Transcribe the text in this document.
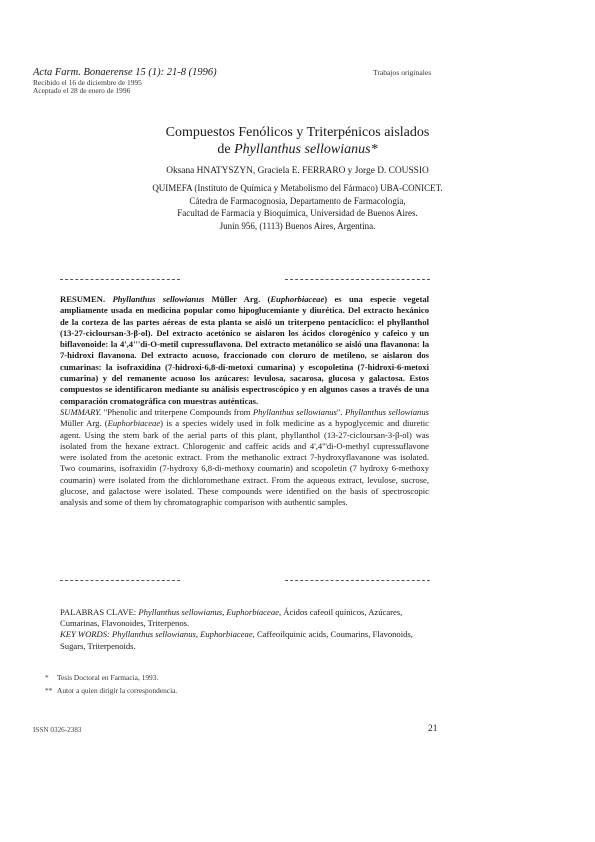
Acta Farm. Bonaerense 15 (1): 21-8 (1996)
Recibido el 16 de diciembre de 1995
Aceptado el 28 de enero de 1996
Trabajos originales
Compuestos Fenólicos y Triterpénicos aislados
de Phyllanthus sellowianus*
Oksana HNATYSZYN, Graciela E. FERRARO y Jorge D. COUSSIO
QUIMEFA (Instituto de Química y Metabolismo del Fármaco) UBA-CONICET.
Cátedra de Farmacognosia, Departamento de Farmacología,
Facultad de Farmacia y Bioquímica, Universidad de Buenos Aires.
Junín 956, (1113) Buenos Aires, Argentina.

RESUMEN. Phyllanthus sellowianus Müller Arg. (Euphorbiaceae) es una especie vegetal ampliamente usada en medicina popular como hipoglucemiante y diurética. Del extracto hexánico de la corteza de las partes aéreas de esta planta se aisló un triterpeno pentacíclico: el phyllanthol (13-27-cicloursan-3-β-ol). Del extracto acetónico se aislaron los ácidos clorogénico y cafeico y un biflavonoide: la 4',4'''di-O-metil cupressuflavona. Del extracto metanólico se aisló una flavanona: la 7-hidroxi flavanona. Del extracto acuoso, fraccionado con cloruro de metileno, se aislaron dos cumarinas: la isofraxidina (7-hidroxi-6,8-di-metoxi cumarina) y escopoletina (7-hidroxi-6-metoxi cumarina) y del remanente acuoso los azúcares: levulosa, sacarosa, glucosa y galactosa. Estos compuestos se identificaron mediante su análisis espectroscópico y en algunos casos a través de una comparación cromatográfica con muestras auténticas.

SUMMARY. "Phenolic and triterpene Compounds from Phyllanthus sellowianus". Phyllanthus sellowianus Müller Arg. (Euphorbiaceae) is a species widely used in folk medicine as a hypoglycemic and diuretic agent. Using the stem bark of the aerial parts of this plant, phyllanthol (13-27-cicloursan-3-β-ol) was isolated from the hexane extract. Chlorogenic and caffeic acids and 4',4'''di-O-methyl cupressuflavone were isolated from the acetonic extract. From the methanolic extract 7-hydroxyflavanone was isolated. Two coumarins, isofraxidin (7-hydroxy 6,8-di-methoxy coumarin) and scopoletin (7 hydroxy 6-methoxy coumarin) were isolated from the dichloromethane extract. From the aqueous extract, levulose, sucrose, glucose, and galactose were isolated. These compounds were identified on the basis of spectroscopic analysis and some of them by chromatographic comparison with authentic samples.

PALABRAS CLAVE: Phyllanthus sellowianus, Euphorbiaceae, Ácidos cafeoil quínicos, Azúcares, Cumarinas, Flavonoides, Triterpenos.

KEY WORDS: Phyllanthus sellowianus, Euphorbiaceae, Caffeoilquinic acids, Coumarins, Flavonoids, Sugars, Triterpenoids.

* Tesis Doctoral en Farmacia, 1993.
** Autor a quien dirigir la correspondencia.
ISSN 0326-2383	21
